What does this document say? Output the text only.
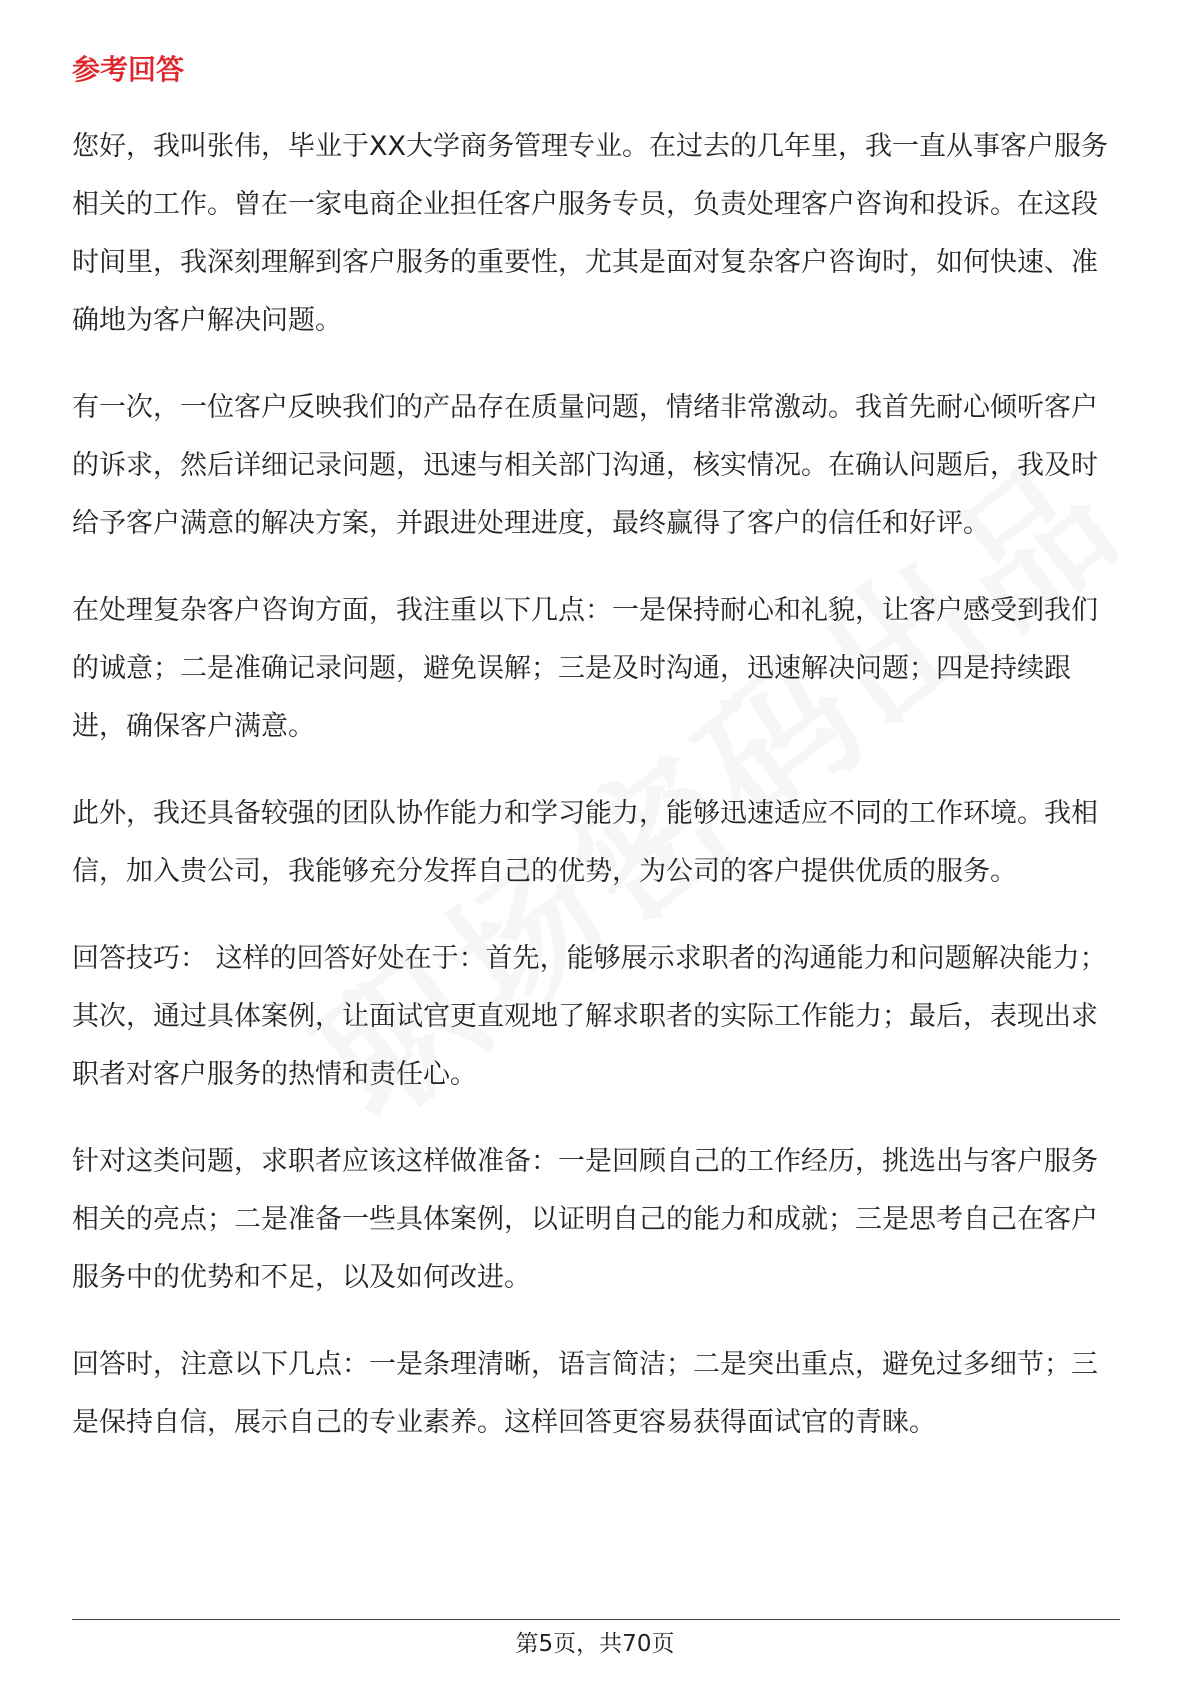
参考回答

您好，我叫张伟，毕业于XX大学商务管理专业。在过去的几年里，我一直从事客户服务相关的工作。曾在一家电商企业担任客户服务专员，负责处理客户咨询和投诉。在这段时间里，我深刻理解到客户服务的重要性，尤其是面对复杂客户咨询时，如何快速、准确地为客户解决问题。

有一次，一位客户反映我们的产品存在质量问题，情绪非常激动。我首先耐心倾听客户的诉求，然后详细记录问题，迅速与相关部门沟通，核实情况。在确认问题后，我及时给予客户满意的解决方案，并跟进处理进度，最终赢得了客户的信任和好评。

在处理复杂客户咨询方面，我注重以下几点：一是保持耐心和礼貌，让客户感受到我们的诚意；二是准确记录问题，避免误解；三是及时沟通，迅速解决问题；四是持续跟进，确保客户满意。

此外，我还具备较强的团队协作能力和学习能力，能够迅速适应不同的工作环境。我相信，加入贵公司，我能够充分发挥自己的优势，为公司的客户提供优质的服务。

回答技巧： 这样的回答好处在于：首先，能够展示求职者的沟通能力和问题解决能力；其次，通过具体案例，让面试官更直观地了解求职者的实际工作能力；最后，表现出求职者对客户服务的热情和责任心。

针对这类问题，求职者应该这样做准备：一是回顾自己的工作经历，挑选出与客户服务相关的亮点；二是准备一些具体案例，以证明自己的能力和成就；三是思考自己在客户服务中的优势和不足，以及如何改进。

回答时，注意以下几点：一是条理清晰，语言简洁；二是突出重点，避免过多细节；三是保持自信，展示自己的专业素养。这样回答更容易获得面试官的青睐。

第5页，共70页
